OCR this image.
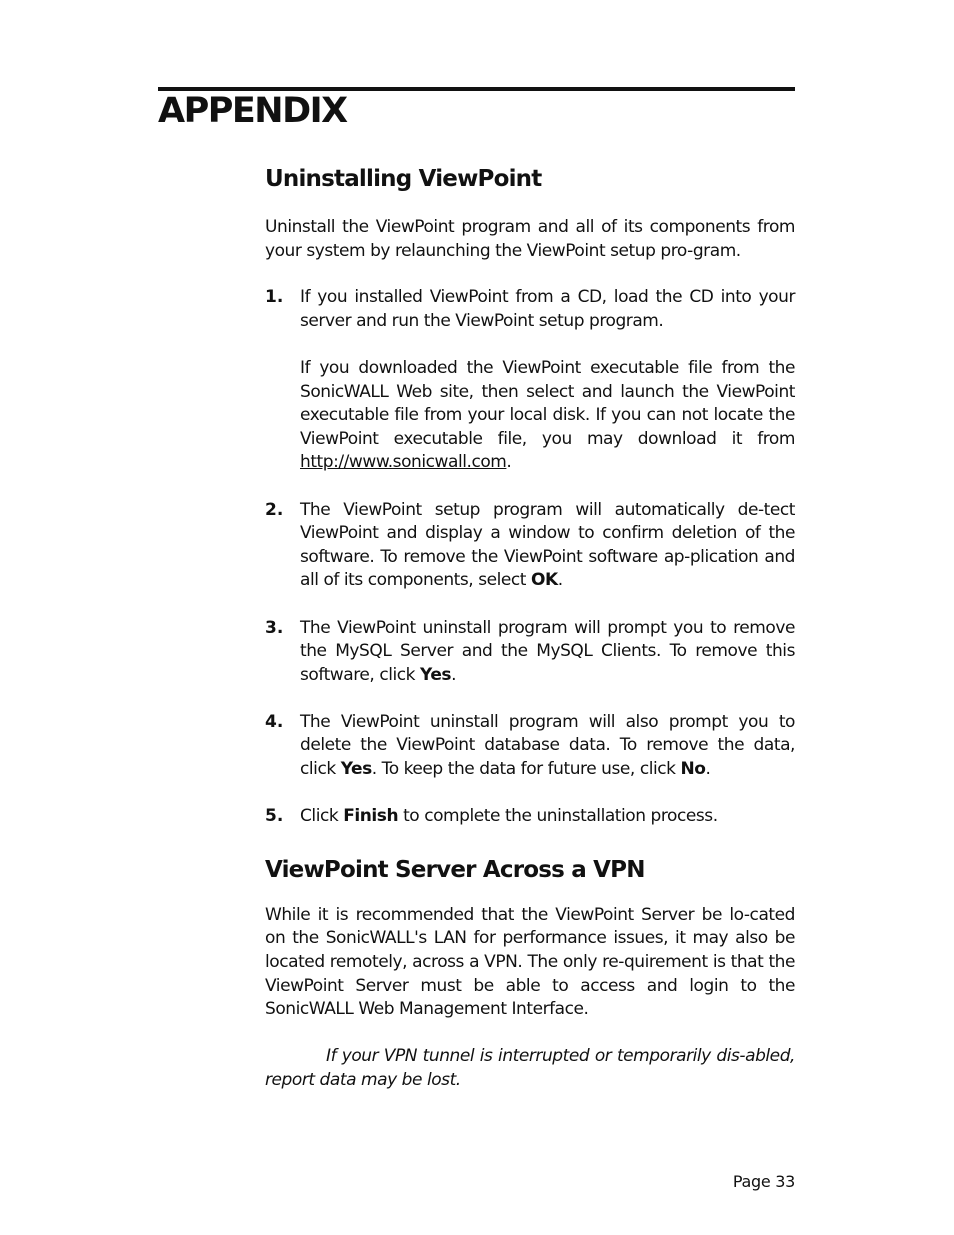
APPENDIX
Uninstalling ViewPoint

Uninstall the ViewPoint program and all of its components from your system by relaunching the ViewPoint setup pro-gram.

1. If you installed ViewPoint from a CD, load the CD into your server and run the ViewPoint setup program.

If you downloaded the ViewPoint executable file from the SonicWALL Web site, then select and launch the ViewPoint executable file from your local disk. If you can not locate the ViewPoint executable file, you may download it from http://www.sonicwall.com.

2. The ViewPoint setup program will automatically de-tect ViewPoint and display a window to confirm deletion of the software. To remove the ViewPoint software ap-plication and all of its components, select OK.

3. The ViewPoint uninstall program will prompt you to remove the MySQL Server and the MySQL Clients. To remove this software, click Yes.

4. The ViewPoint uninstall program will also prompt you to delete the ViewPoint database data. To remove the data, click Yes. To keep the data for future use, click No.

5. Click Finish to complete the uninstallation process.

ViewPoint Server Across a VPN

While it is recommended that the ViewPoint Server be lo-cated on the SonicWALL's LAN for performance issues, it may also be located remotely, across a VPN. The only re-quirement is that the ViewPoint Server must be able to access and login to the SonicWALL Web Management Interface.

If your VPN tunnel is interrupted or temporarily dis-abled, report data may be lost.

Page 33
